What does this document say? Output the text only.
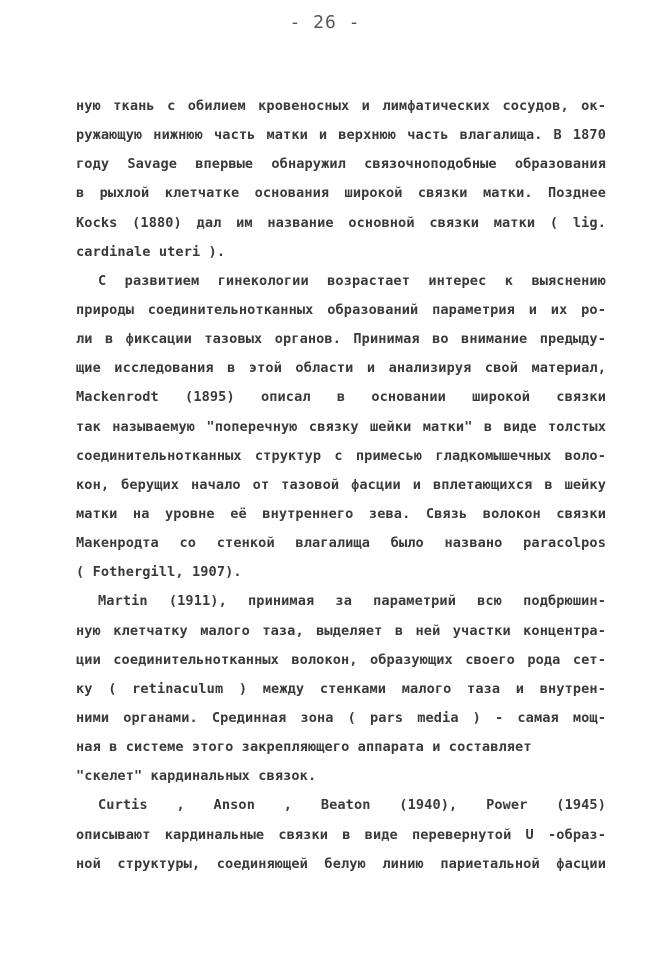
- 26 -
ную ткань с обилием кровеносных и лимфатических сосудов, ок-
ружающую нижнюю часть матки и верхнюю часть влагалища. В 1870
году Savage впервые обнаружил связочноподобные образования
в рыхлой клетчатке основания широкой связки матки. Позднее
Kocks (1880) дал им название основной связки матки ( lig.
cardinale uteri ).
С развитием гинекологии возрастает интерес к выяснению
природы соединительнотканных образований параметрия и их ро-
ли в фиксации тазовых органов. Принимая во внимание предыду-
щие исследования в этой области и анализируя свой материал,
Mackenrodt (1895) описал в основании широкой связки
так называемую "поперечную связку шейки матки" в виде толстых
соединительнотканных структур с примесью гладкомышечных воло-
кон, берущих начало от тазовой фасции и вплетающихся в шейку
матки на уровне её внутреннего зева. Связь волокон связки
Макенродта со стенкой влагалища было названо paracolpos
( Fothergill, 1907).
Martin (1911), принимая за параметрий всю подбрюшин-
ную клетчатку малого таза, выделяет в ней участки концентра-
ции соединительнотканных волокон, образующих своего рода сет-
ку ( retinaculum ) между стенками малого таза и внутрен-
ними органами. Срединная зона ( pars media ) - самая мощ-
ная в системе этого закрепляющего аппарата и составляет
"скелет" кардинальных связок.
Curtis , Anson , Beaton (1940), Power (1945)
описывают кардинальные связки в виде перевернутой U -образ-
ной структуры, соединяющей белую линию париетальной фасции
